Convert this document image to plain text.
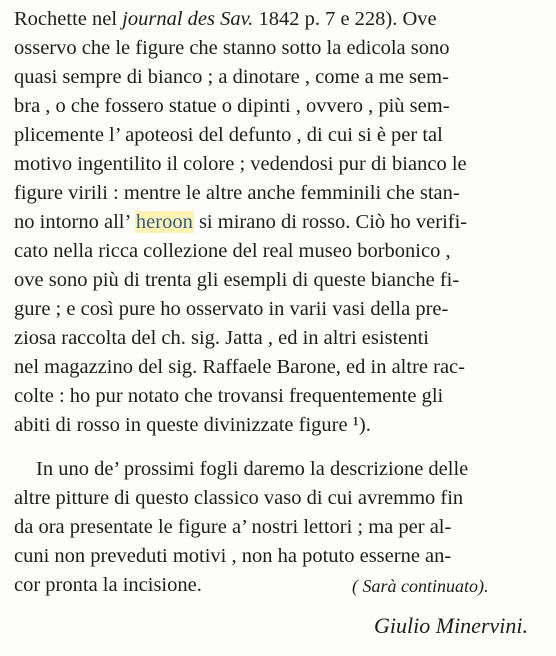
Rochette nel journal des Sav. 1842 p. 7 e 228). Ove
osservo che le figure che stanno sotto la edicola sono
quasi sempre di bianco ; a dinotare , come a me sem-
bra , o che fossero statue o dipinti , ovvero , più sem-
plicemente l’ apoteosi del defunto , di cui si è per tal
motivo ingentilito il colore ; vedendosi pur di bianco le
figure virili : mentre le altre anche femminili che stan-
no intorno all’ heroon si mirano di rosso. Ciò ho verifi-
cato nella ricca collezione del real museo borbonico ,
ove sono più di trenta gli esempli di queste bianche fi-
gure ; e così pure ho osservato in varii vasi della pre-
ziosa raccolta del ch. sig. Jatta , ed in altri esistenti
nel magazzino del sig. Raffaele Barone, ed in altre rac-
colte : ho pur notato che trovansi frequentemente gli
abiti di rosso in queste divinizzate figure ¹).
In uno de’ prossimi fogli daremo la descrizione delle
altre pitture di questo classico vaso di cui avremmo fin
da ora presentate le figure a’ nostri lettori ; ma per al-
cuni non preveduti motivi , non ha potuto esserne an-
cor pronta la incisione.	( Sarà continuato).
Giulio Minervini.
